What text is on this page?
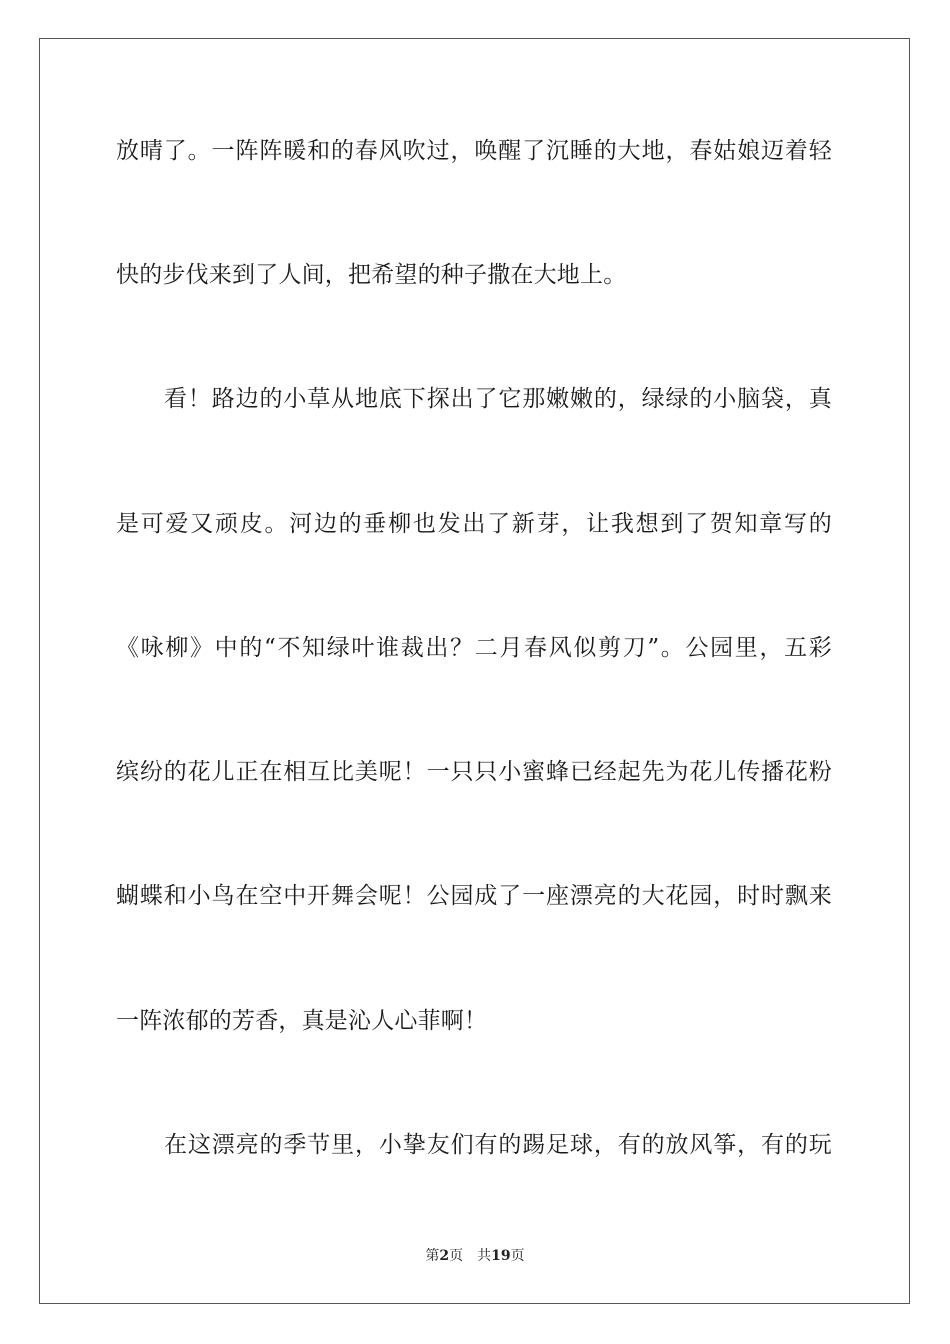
放晴了。一阵阵暖和的春风吹过，唤醒了沉睡的大地，春姑娘迈着轻
快的步伐来到了人间，把希望的种子撒在大地上。
看！路边的小草从地底下探出了它那嫩嫩的，绿绿的小脑袋，真
是可爱又顽皮。河边的垂柳也发出了新芽，让我想到了贺知章写的
《咏柳》中的“不知绿叶谁裁出？二月春风似剪刀”。公园里，五彩
缤纷的花儿正在相互比美呢！一只只小蜜蜂已经起先为花儿传播花粉
蝴蝶和小鸟在空中开舞会呢！公园成了一座漂亮的大花园，时时飘来
一阵浓郁的芳香，真是沁人心菲啊！
在这漂亮的季节里，小挚友们有的踢足球，有的放风筝，有的玩
第2页 共19页
